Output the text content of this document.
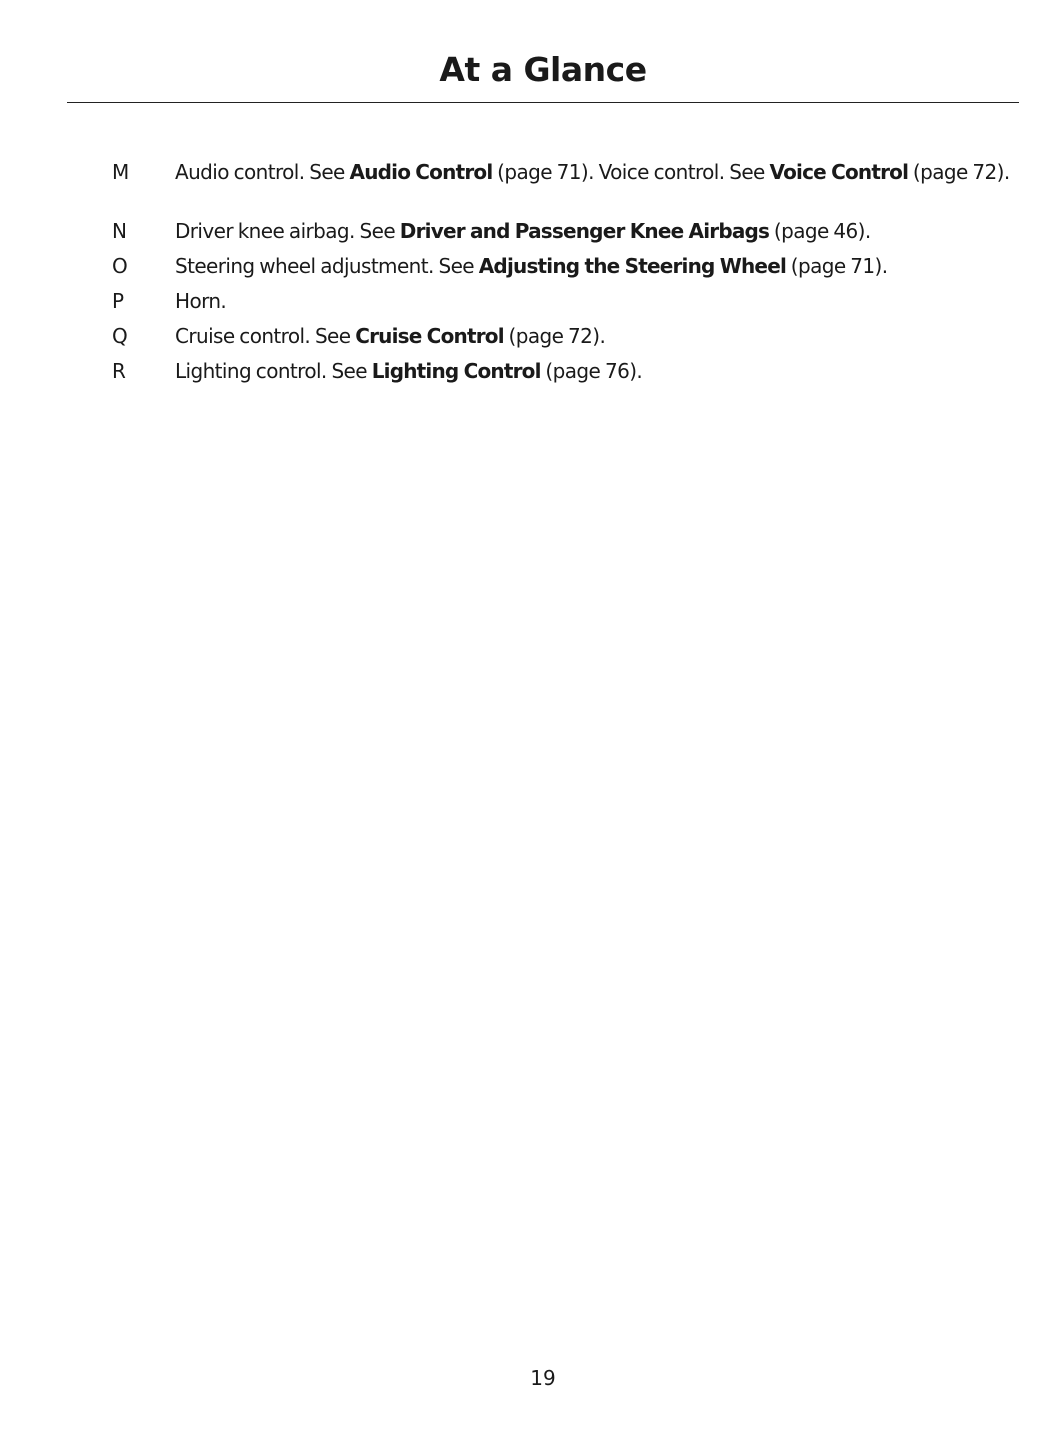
At a Glance
M Audio control. See Audio Control (page 71). Voice control. See Voice Control (page 72).
N Driver knee airbag. See Driver and Passenger Knee Airbags (page 46).
O Steering wheel adjustment. See Adjusting the Steering Wheel (page 71).
P	Horn.
Q Cruise control. See Cruise Control (page 72).
R Lighting control. See Lighting Control (page 76).
19
